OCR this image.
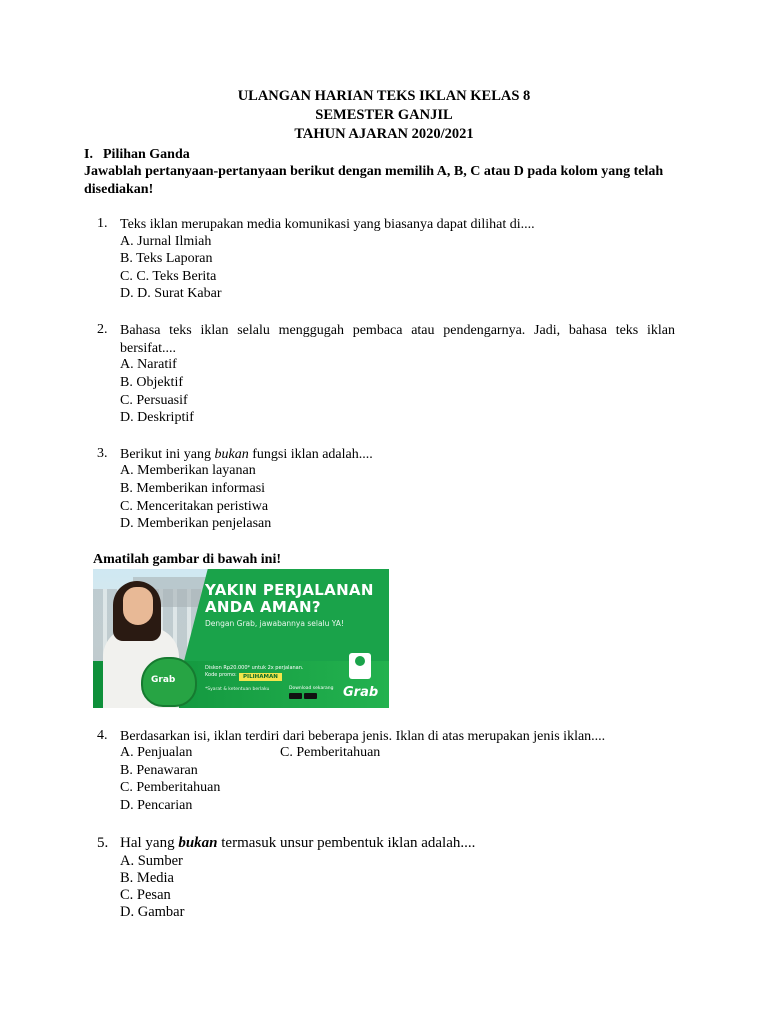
ULANGAN HARIAN TEKS IKLAN KELAS 8
SEMESTER GANJIL
TAHUN AJARAN 2020/2021
I. Pilihan Ganda
Jawablah pertanyaan-pertanyaan berikut dengan memilih A, B, C atau D pada kolom yang telah
disediakan!
1. Teks iklan merupakan media komunikasi yang biasanya dapat dilihat di....
A. Jurnal Ilmiah
B. Teks Laporan
C. C. Teks Berita
D. D. Surat Kabar
2. Bahasa teks iklan selalu menggugah pembaca atau pendengarnya. Jadi, bahasa teks iklan
bersifat....
A. Naratif
B. Objektif
C. Persuasif
D. Deskriptif
3. Berikut ini yang bukan fungsi iklan adalah....
A. Memberikan layanan
B. Memberikan informasi
C. Menceritakan peristiwa
D. Memberikan penjelasan
Amatilah gambar di bawah ini!
Grab
YAKIN PERJALANAN
ANDA AMAN?
Dengan Grab, jawabannya selalu YA!
Diskon Rp20.000* untuk 2x perjalanan.
Kode promo:	PILIHAMAN
*Syarat & ketentuan berlaku	Download sekarang Grab
4. Berdasarkan isi, iklan terdiri dari beberapa jenis. Iklan di atas merupakan jenis iklan....
A. Penjualan	C. Pemberitahuan
B. Penawaran
C. Pemberitahuan
D. Pencarian
5. Hal yang bukan termasuk unsur pembentuk iklan adalah....
A. Sumber
B. Media
C. Pesan
D. Gambar
